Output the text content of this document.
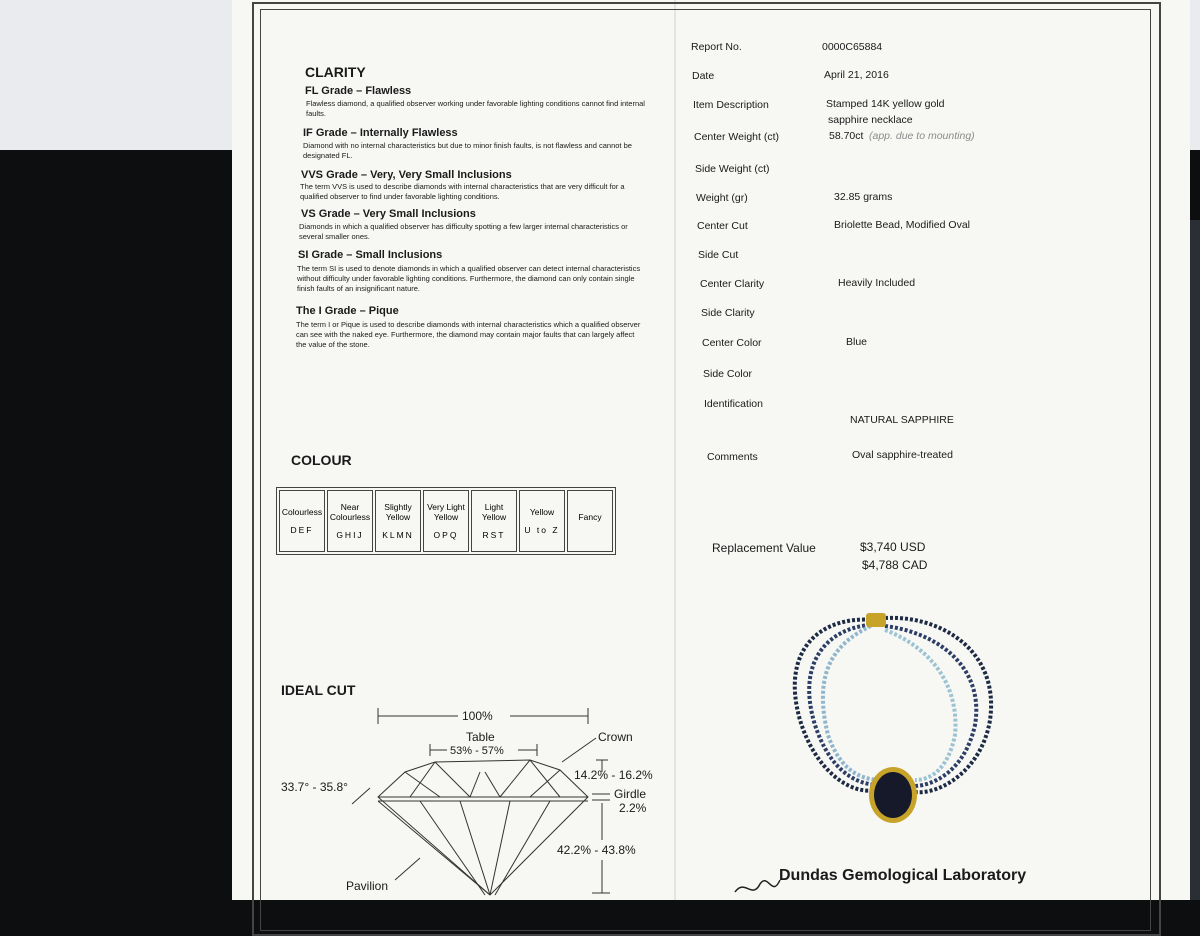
CLARITY
FL Grade – Flawless
Flawless diamond, a qualified observer working under favorable lighting conditions cannot find internal faults.
IF Grade – Internally Flawless
Diamond with no internal characteristics but due to minor finish faults, is not flawless and cannot be designated FL.
VVS Grade – Very, Very Small Inclusions
The term VVS is used to describe diamonds with internal characteristics that are very difficult for a qualified observer to find under favorable lighting conditions.
VS Grade – Very Small Inclusions
Diamonds in which a qualified observer has difficulty spotting a few larger internal characteristics or several smaller ones.
SI Grade – Small Inclusions
The term SI is used to denote diamonds in which a qualified observer can detect internal characteristics without difficulty under favorable lighting conditions. Furthermore, the diamond can only contain single finish faults of an insignificant nature.
The I Grade – Pique
The term I or Pique is used to describe diamonds with internal characteristics which a qualified observer can see with the naked eye. Furthermore, the diamond may contain major faults that can largely affect the value of the stone.
COLOUR
Colourless
DEF
	Near Colourless
GHIJ
	Slightly Yellow
KLMN
	Very Light Yellow
OPQ
	Light Yellow
RST
	Yellow
U to Z
	Fancy
IDEAL CUT
100%
Table
53% - 57%
Crown
33.7° - 35.8°
14.2% - 16.2%
Girdle
2.2%
42.2% - 43.8%
Pavilion
Report No.	0000C65884
Date	April 21, 2016
Item Description	Stamped 14K yellow gold
sapphire necklace
Center Weight (ct)	58.70ct (app. due to mounting)
Side Weight (ct)
Weight (gr)	32.85 grams
Center Cut	Briolette Bead, Modified Oval
Side Cut
Center Clarity	Heavily Included
Side Clarity
Center Color	Blue
Side Color
Identification
NATURAL SAPPHIRE
Comments	Oval sapphire-treated
Replacement Value	$3,740 USD
$4,788 CAD
Dundas Gemological Laboratory
